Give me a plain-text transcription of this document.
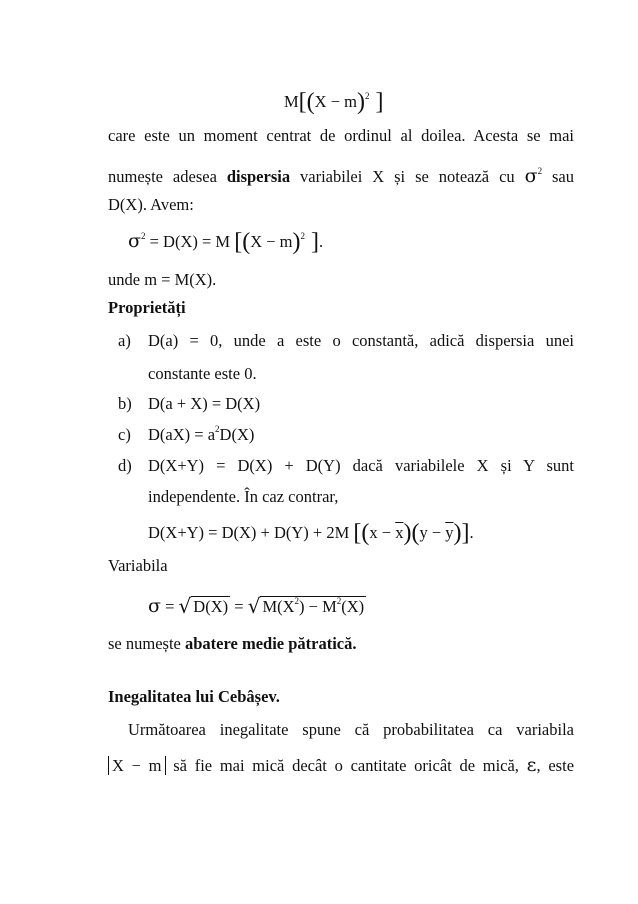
$M[(X - m)^2$ ]
care este un moment centrat de ordinul al doilea. Acesta se mai
numește adesea dispersia variabilei X și se notează cu $\sigma^2$ sau
D(X). Avem:
$\sigma^2 = D(X) = M$ [$(X - m)^2$ ].
unde m = M(X).
Proprietăți
a) D(a) = 0, unde a este o constantă, adică dispersia unei
constante este 0.
b) D(a + X) = D(X)
c) $D(aX) = a^2D(X)$
d) D(X+Y) = D(X) + D(Y) dacă variabilele X și Y sunt
independente. În caz contrar,
D(X+Y) = D(X) + D(Y) + 2M $[(x - \overline{x})(y - \overline{y})]$.
Variabila
σ = √ D(X) = √ $M(X^2) - M^2(X)$
se numește abatere medie pătratică.
Inegalitatea lui Cebâșev.
Următoarea inegalitate spune că probabilitatea ca variabila
X − m să fie mai mică decât o cantitate oricât de mică, ε, este
